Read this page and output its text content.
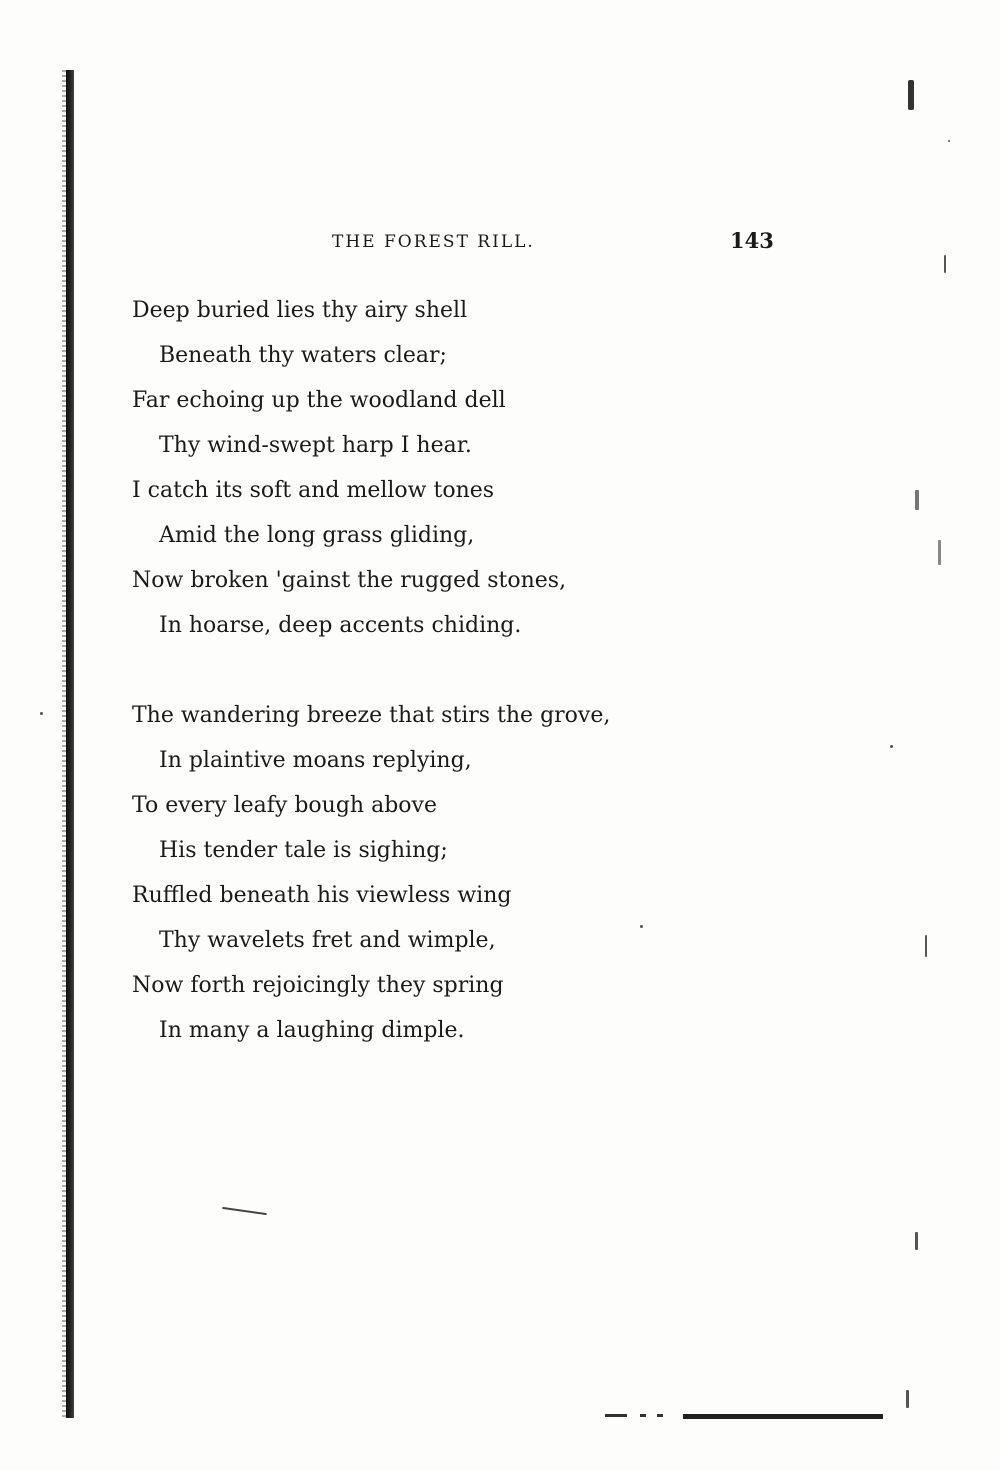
THE FOREST RILL.	143
Deep buried lies thy airy shell
Beneath thy waters clear;
Far echoing up the woodland dell
Thy wind-swept harp I hear.
I catch its soft and mellow tones
Amid the long grass gliding,
Now broken 'gainst the rugged stones,
In hoarse, deep accents chiding.
The wandering breeze that stirs the grove,
In plaintive moans replying,
To every leafy bough above
His tender tale is sighing;
Ruffled beneath his viewless wing
Thy wavelets fret and wimple,
Now forth rejoicingly they spring
In many a laughing dimple.
